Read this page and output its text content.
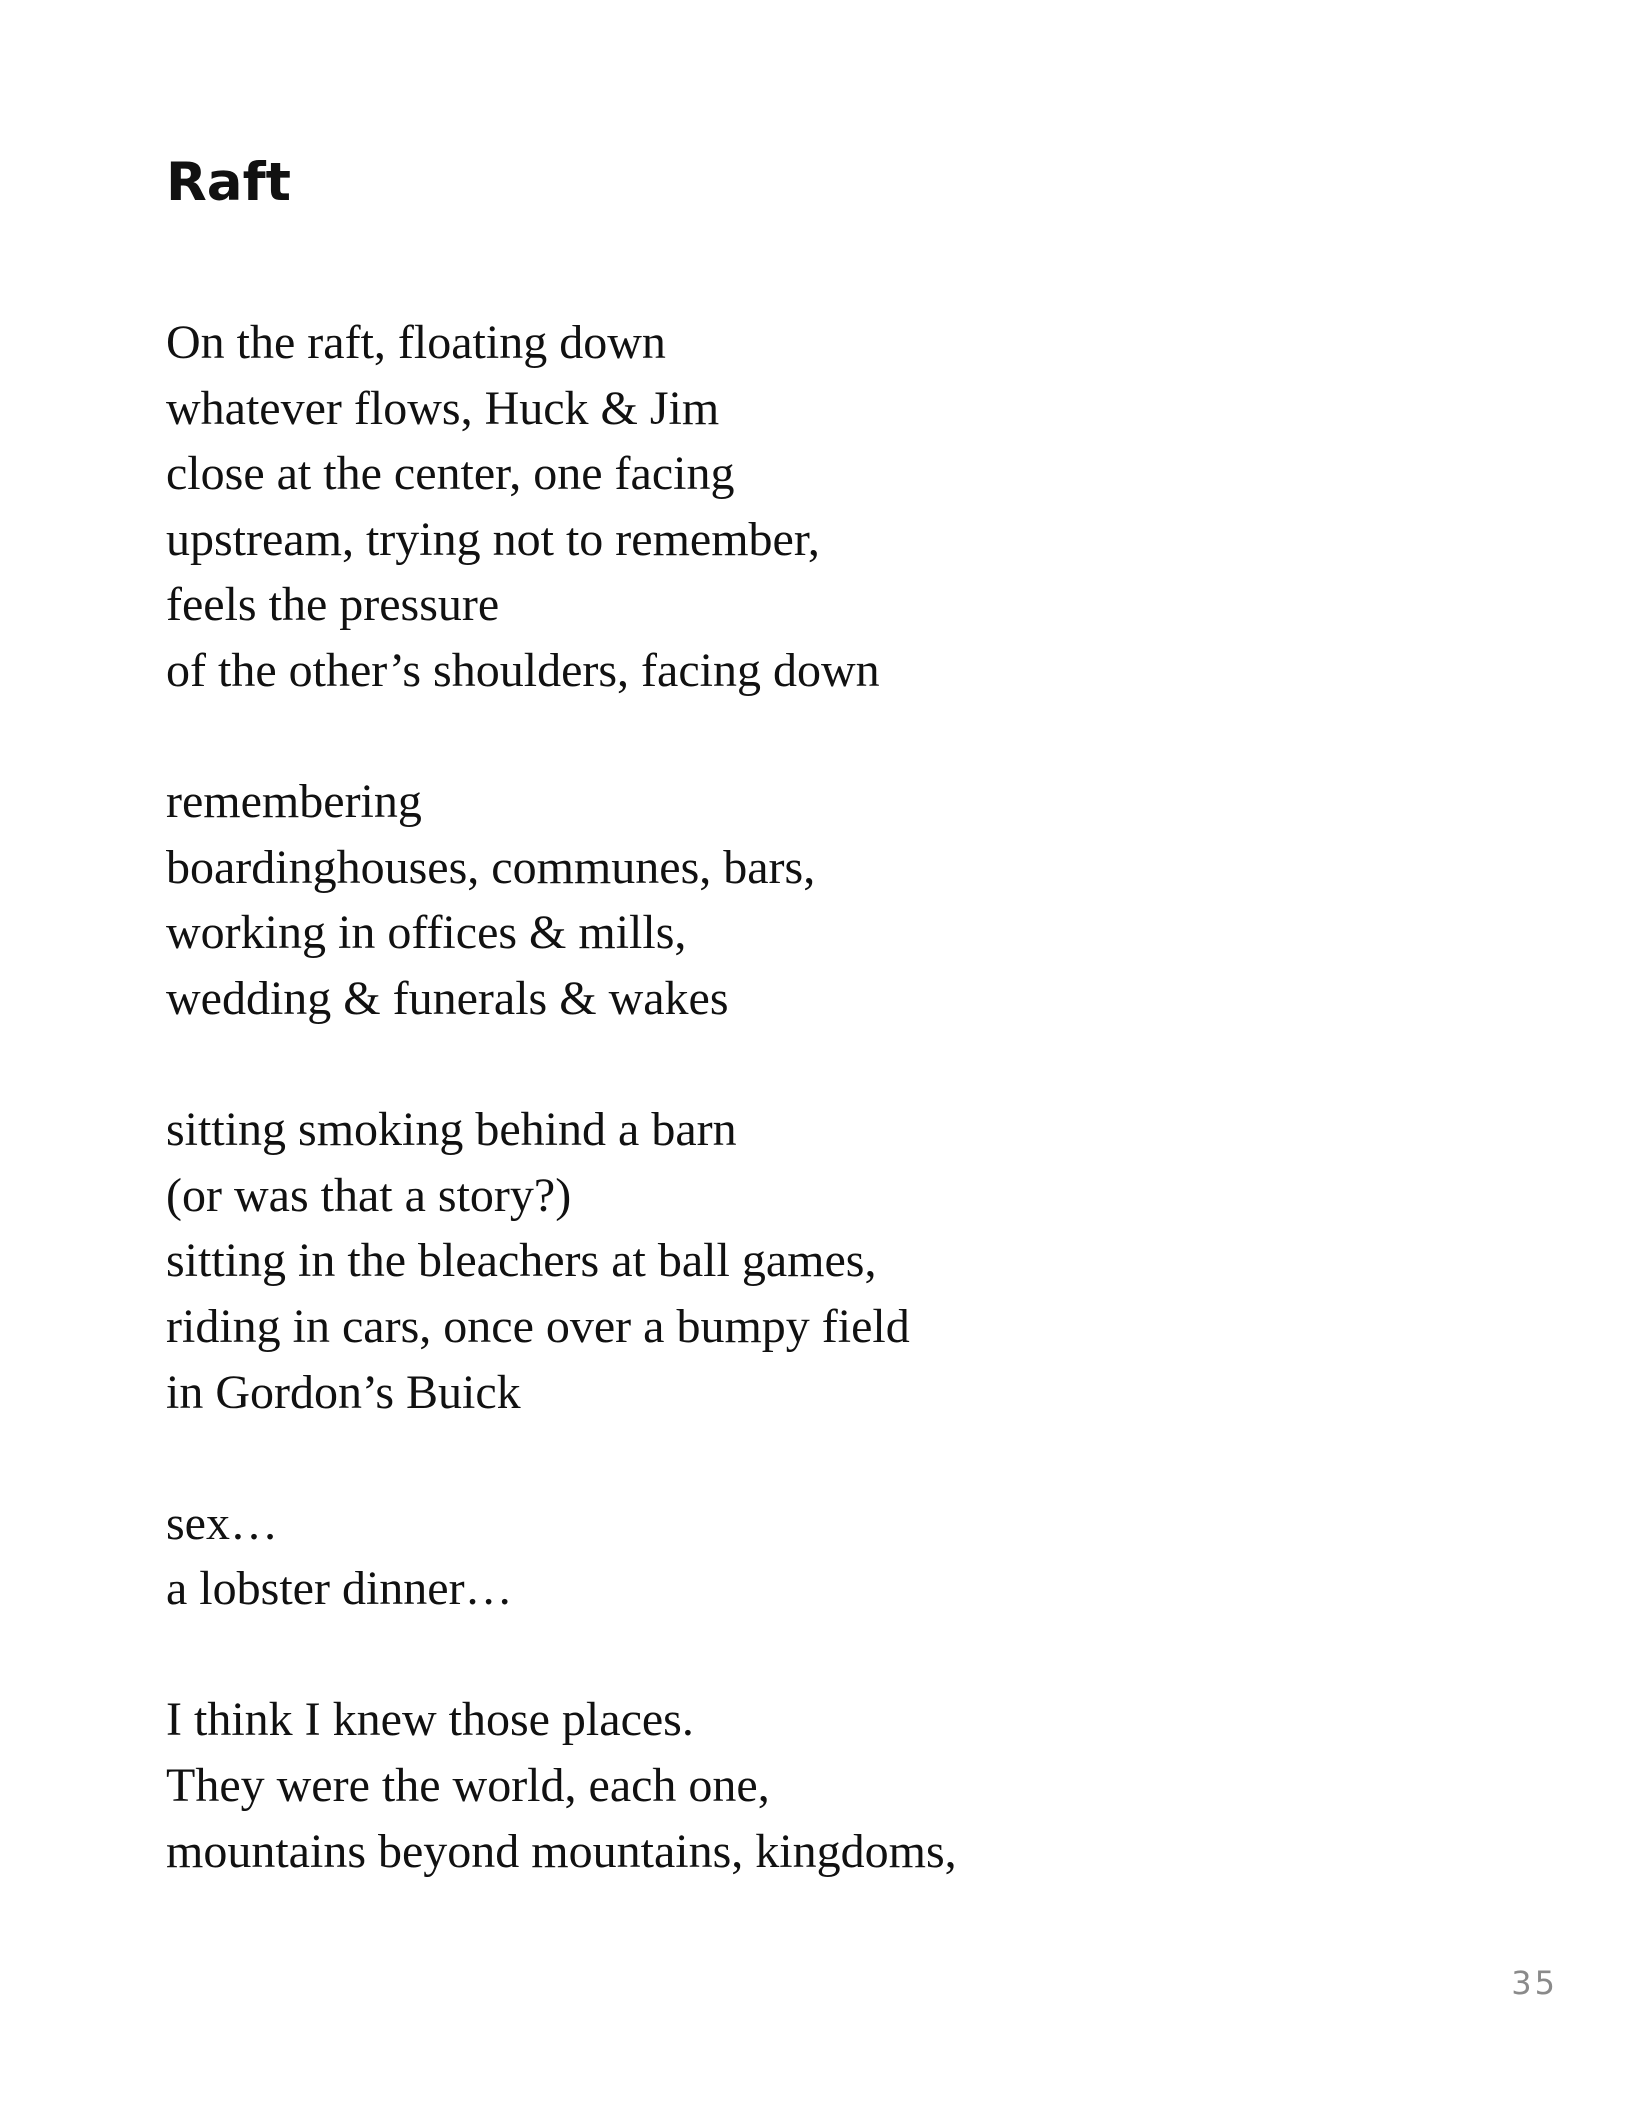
Raft

On the raft, floating down
whatever flows, Huck & Jim
close at the center, one facing
upstream, trying not to remember,
feels the pressure
of the other’s shoulders, facing down

remembering
boardinghouses, communes, bars,
working in offices & mills,
wedding & funerals & wakes

sitting smoking behind a barn
(or was that a story?)
sitting in the bleachers at ball games,
riding in cars, once over a bumpy field
in Gordon’s Buick

sex…
a lobster dinner…

I think I knew those places.
They were the world, each one,
mountains beyond mountains, kingdoms,

35
